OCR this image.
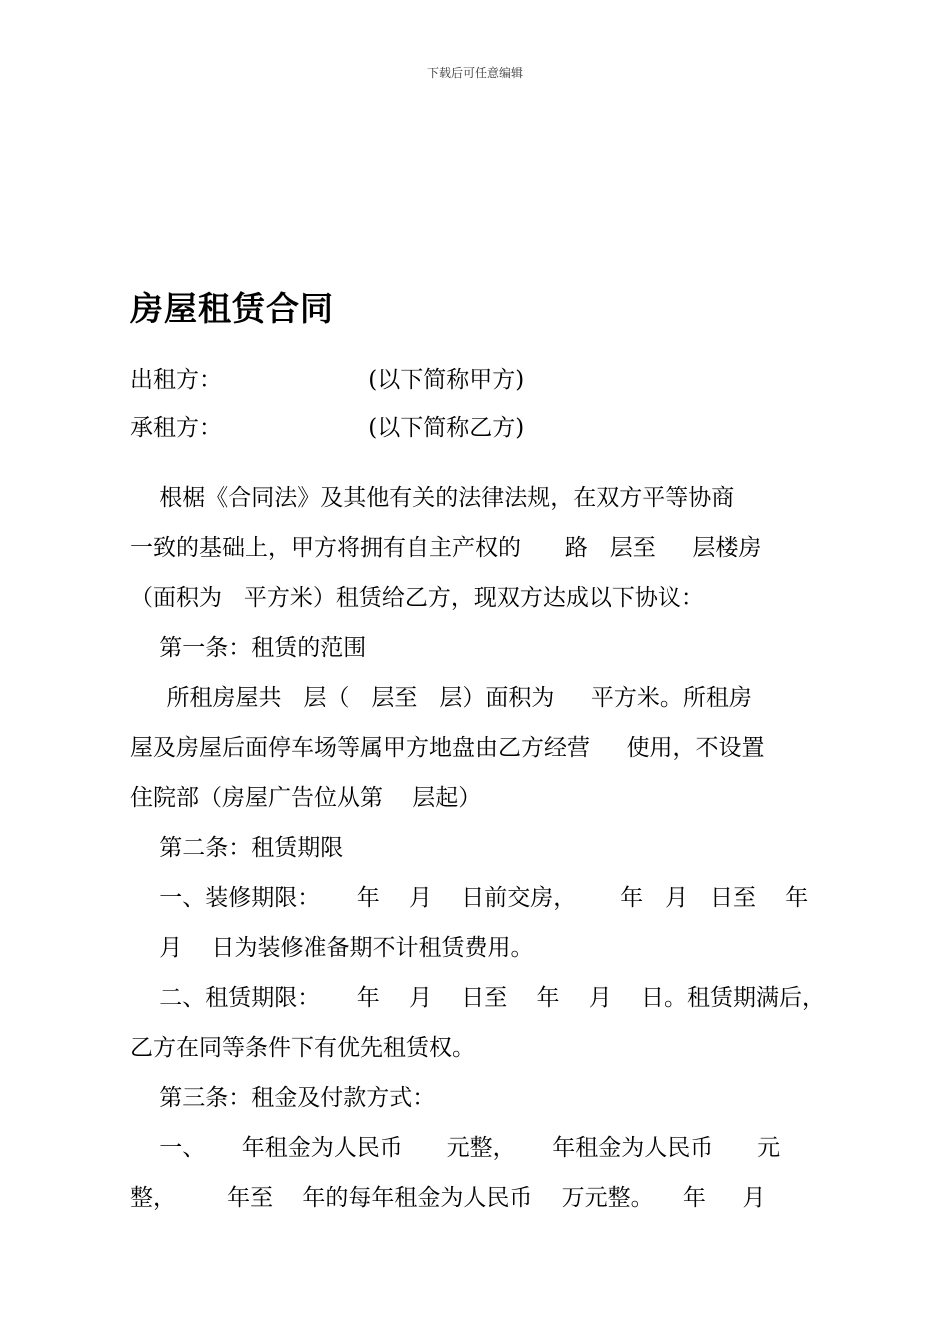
下载后可任意编辑
房屋租赁合同
出租方：                    (以下简称甲方)
承租方：                    (以下简称乙方)
根椐《合同法》及其他有关的法律法规，在双方平等协商
一致的基础上，甲方将拥有自主产权的      路   层至     层楼房
（面积为   平方米）租赁给乙方，现双方达成以下协议：
第一条：租赁的范围
所租房屋共   层（   层至   层）面积为     平方米。所租房
屋及房屋后面停车场等属甲方地盘由乙方经营     使用，不设置
住院部（房屋广告位从第    层起）
第二条：租赁期限
一、装修期限：     年    月    日前交房，      年   月   日至    年
月    日为装修准备期不计租赁费用。
二、租赁期限：     年    月    日至    年    月    日。租赁期满后，
乙方在同等条件下有优先租赁权。
第三条：租金及付款方式：
一、     年租金为人民币      元整，     年租金为人民币      元
整，       年至    年的每年租金为人民币    万元整。    年     月
